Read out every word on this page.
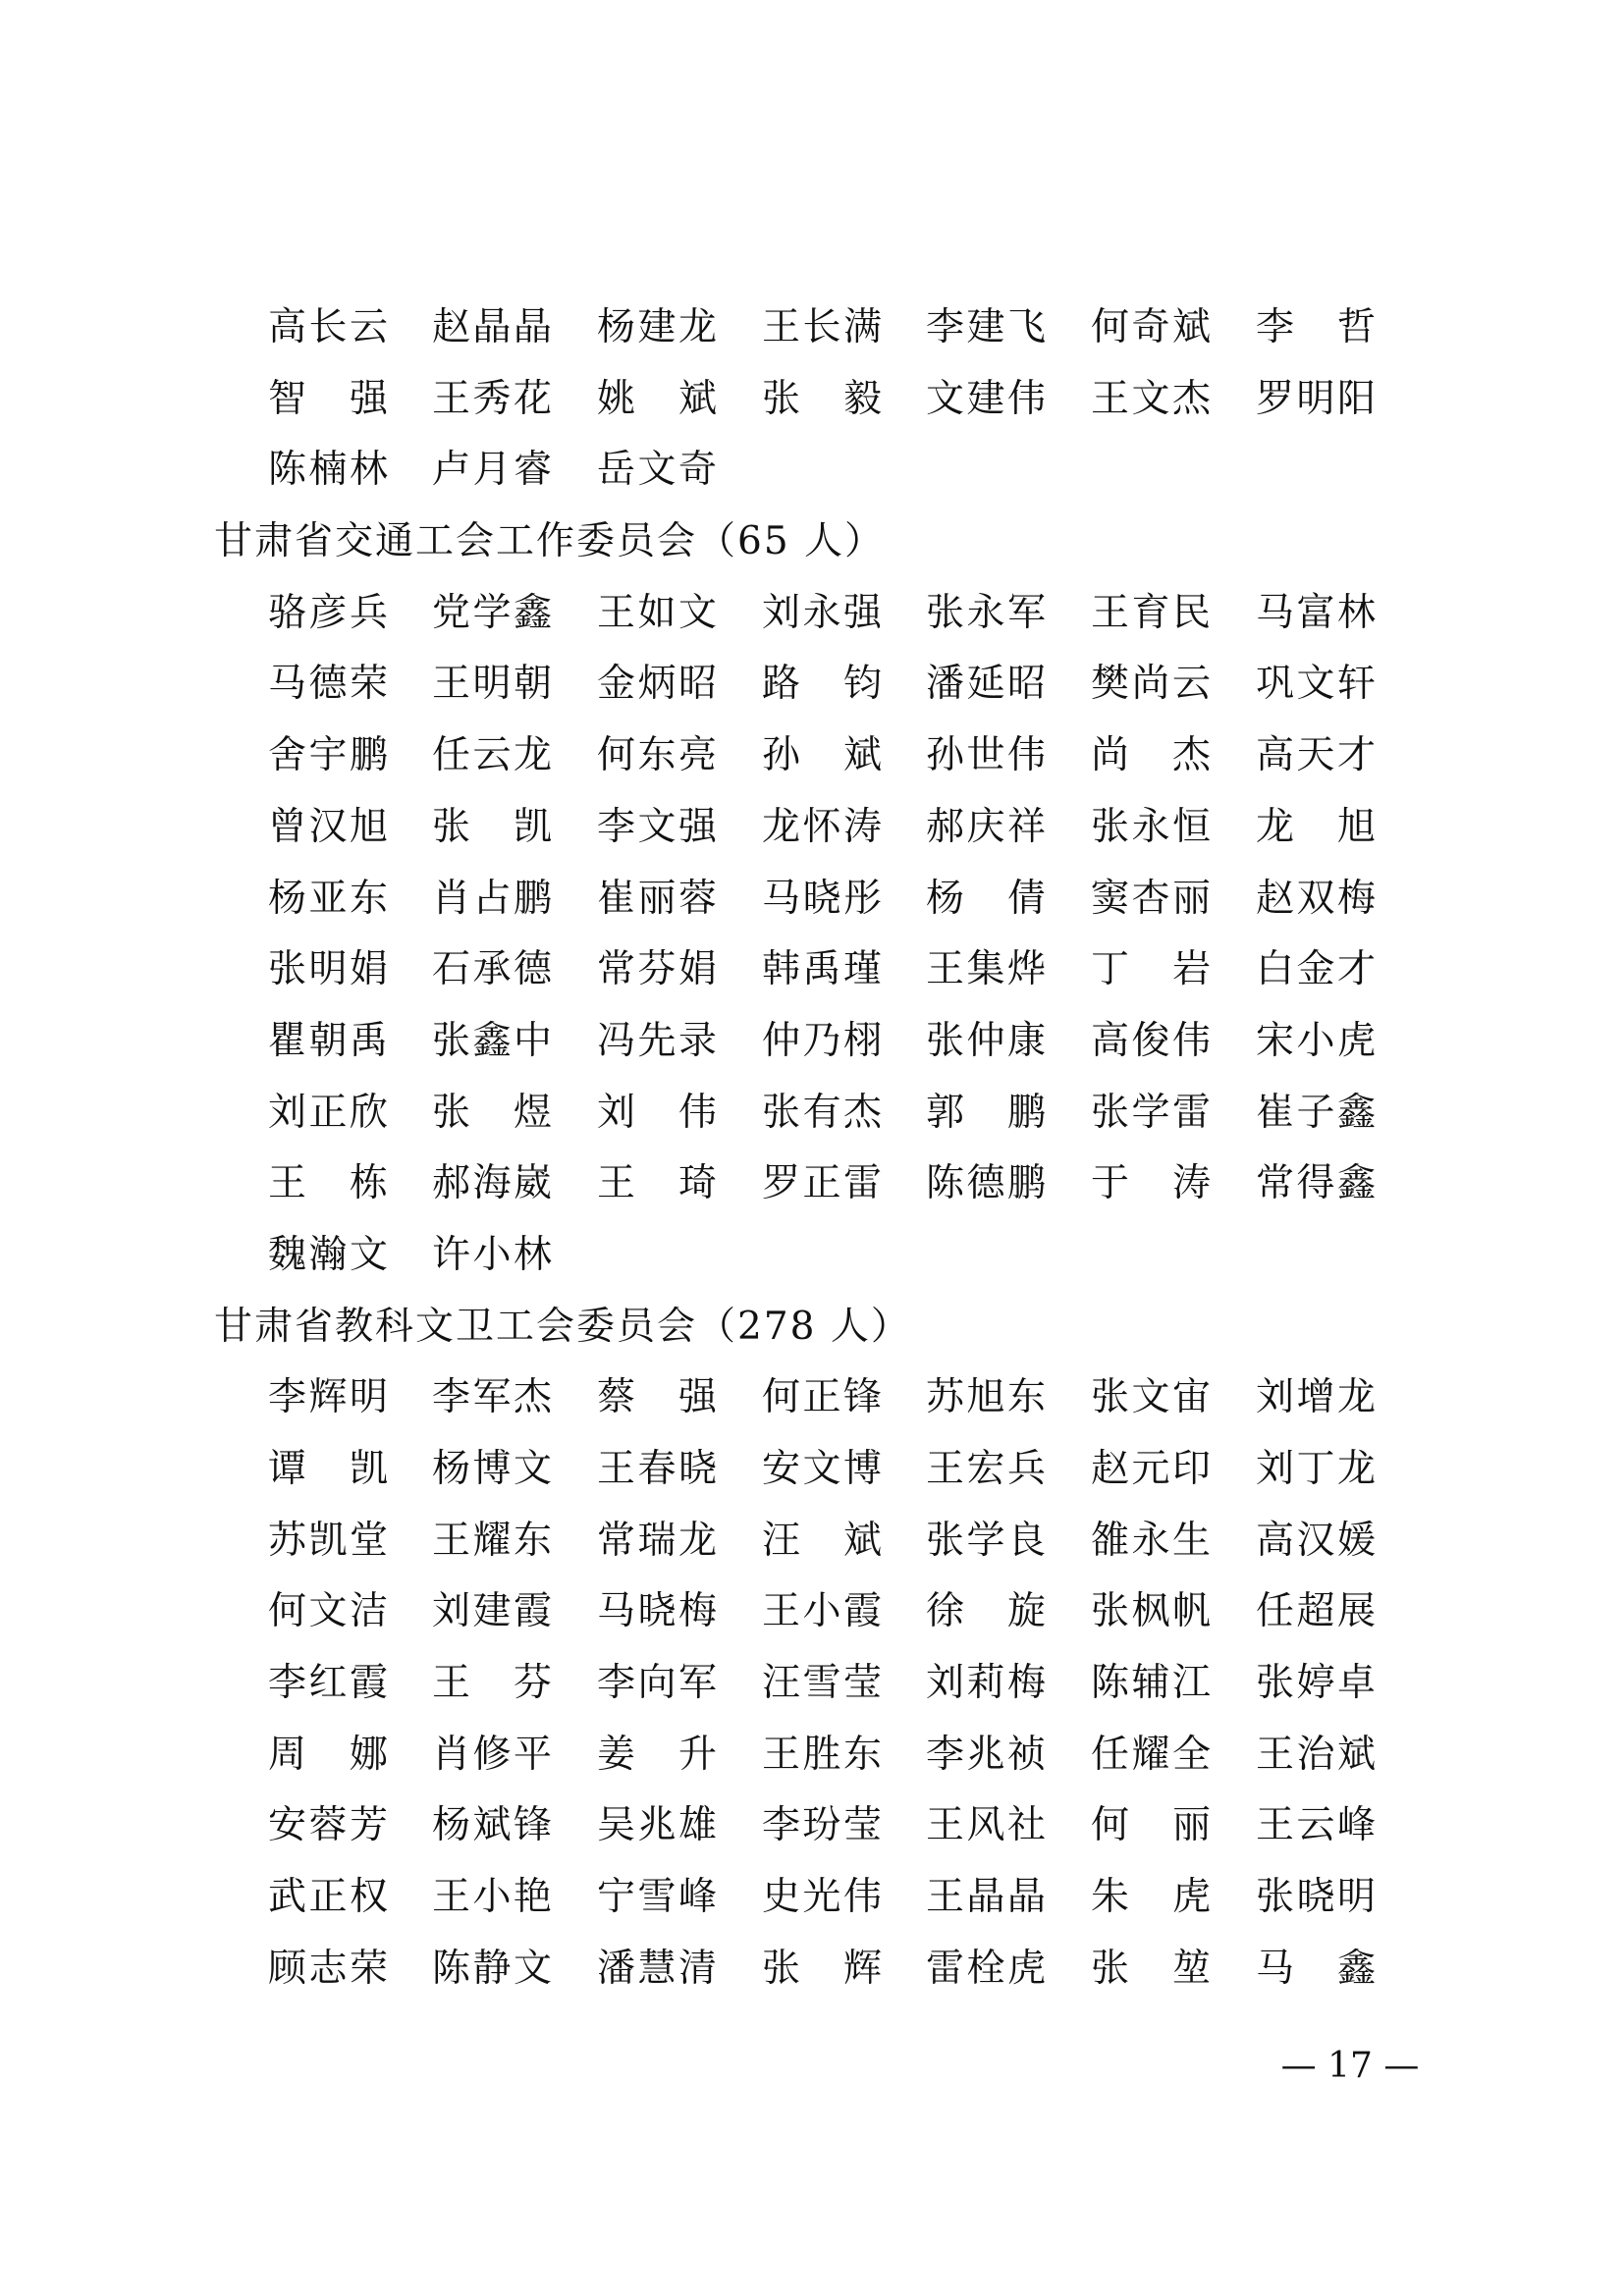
高长云 赵晶晶 杨建龙 王长满 李建飞 何奇斌 李　哲
智　强 王秀花 姚　斌 张　毅 文建伟 王文杰 罗明阳
陈楠林 卢月睿 岳文奇
甘肃省交通工会工作委员会（65 人）
骆彦兵 党学鑫 王如文 刘永强 张永军 王育民 马富林
马德荣 王明朝 金炳昭 路　钧 潘延昭 樊尚云 巩文轩
舍宇鹏 任云龙 何东亮 孙　斌 孙世伟 尚　杰 高天才
曾汉旭 张　凯 李文强 龙怀涛 郝庆祥 张永恒 龙　旭
杨亚东 肖占鹏 崔丽蓉 马晓彤 杨　倩 窦杏丽 赵双梅
张明娟 石承德 常芬娟 韩禹瑾 王集烨 丁　岩 白金才
瞿朝禹 张鑫中 冯先录 仲乃栩 张仲康 高俊伟 宋小虎
刘正欣 张　煜 刘　伟 张有杰 郭　鹏 张学雷 崔子鑫
王　栋 郝海崴 王　琦 罗正雷 陈德鹏 于　涛 常得鑫
魏瀚文 许小林
甘肃省教科文卫工会委员会（278 人）
李辉明 李军杰 蔡　强 何正锋 苏旭东 张文宙 刘增龙
谭　凯 杨博文 王春晓 安文博 王宏兵 赵元印 刘丁龙
苏凯堂 王耀东 常瑞龙 汪　斌 张学良 雒永生 高汉媛
何文洁 刘建霞 马晓梅 王小霞 徐　旋 张枫帆 任超展
李红霞 王　芬 李向军 汪雪莹 刘莉梅 陈辅江 张婷卓
周　娜 肖修平 姜　升 王胜东 李兆祯 任耀全 王治斌
安蓉芳 杨斌锋 吴兆雄 李玢莹 王风社 何　丽 王云峰
武正权 王小艳 宁雪峰 史光伟 王晶晶 朱　虎 张晓明
顾志荣 陈静文 潘慧清 张　辉 雷栓虎 张　堃 马　鑫
— 17 —
